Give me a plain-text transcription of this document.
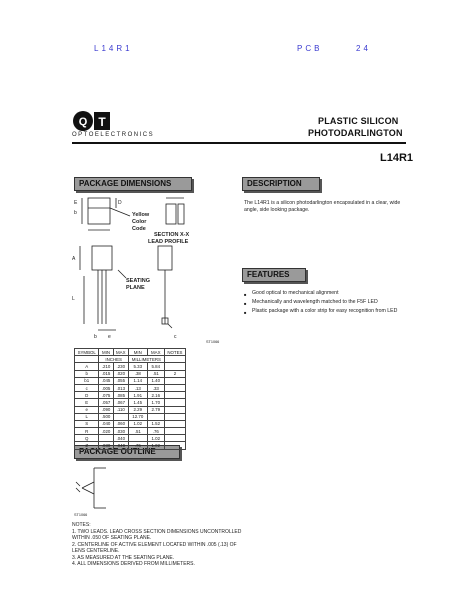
L14R1	PCB	24
Q T
OPTOELECTRONICS
PLASTIC SILICON
PHOTODARLINGTON
L14R1
PACKAGE DIMENSIONS	DESCRIPTION
FEATURES
PACKAGE OUTLINE
The L14R1 is a silicon photodarlington encapsulated in a clear, wide angle, side looking package.
■ Good optical to mechanical alignment
■ Mechanically and wavelength matched to the F5F LED
■ Plastic package with a color strip for easy recognition from LED
E
b
D
A
L
b e	c
Yellow
Color
Code
SECTION X-X
LEAD PROFILE
SEATING
PLANE
ST1066
SYMBOL	MIN	MAX	MIN	MAX	NOTES
	INCHES		MILLIMETERS		
A	.210	.230	5.33	5.84	
b	.015	.020	.38	.51	2
b1	.045	.055	1.14	1.40	
c	.005	.013	.13	.33	
D	.075	.085	1.91	2.16	
E	.057	.067	1.45	1.70	
e	.090	.110	2.29	2.79	
L	.500		12.70		
S	.040	.060	1.02	1.52	
R	.020	.030	.51	.76	
Q		.040		1.02	
Z	.030	.040	.76	1.02	
ST1066
NOTES:
1. TWO LEADS. LEAD CROSS SECTION DIMENSIONS UNCONTROLLED WITHIN .050 OF SEATING PLANE.
2. CENTERLINE OF ACTIVE ELEMENT LOCATED WITHIN .005 (.13) OF LENS CENTERLINE.
3. AS MEASURED AT THE SEATING PLANE.
4. ALL DIMENSIONS DERIVED FROM MILLIMETERS.
